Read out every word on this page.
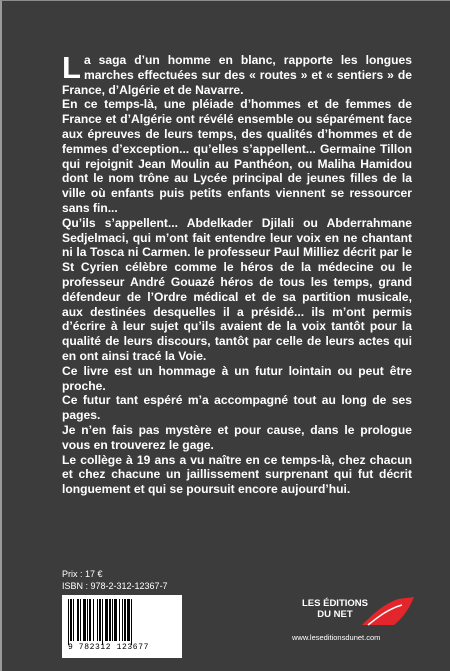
La saga d’un homme en blanc, rapporte les longues marches effectuées sur des « routes » et « sentiers » de France, d’Algérie et de Navarre.

En ce temps-là, une pléiade d’hommes et de femmes de France et d’Algérie ont révélé ensemble ou séparément face aux épreuves de leurs temps, des qualités d’hommes et de femmes d’exception... qu’elles s’appellent... Germaine Tillon qui rejoignit Jean Moulin au Panthéon, ou Maliha Hamidou dont le nom trône au Lycée principal de jeunes filles de la ville où enfants puis petits enfants viennent se ressourcer sans fin...

Qu’ils s’appellent... Abdelkader Djilali ou Abderrahmane Sedjelmaci, qui m’ont fait entendre leur voix en ne chantant ni la Tosca ni Carmen. le professeur Paul Milliez décrit par le St Cyrien célèbre comme le héros de la médecine ou le professeur André Gouazé héros de tous les temps, grand défendeur de l’Ordre médical et de sa partition musicale, aux destinées desquelles il a présidé... ils m’ont permis d’écrire à leur sujet qu’ils avaient de la voix tantôt pour la qualité de leurs discours, tantôt par celle de leurs actes qui en ont ainsi tracé la Voie.

Ce livre est un hommage à un futur lointain ou peut être proche.

Ce futur tant espéré m’a accompagné tout au long de ses pages.

Je n’en fais pas mystère et pour cause, dans le prologue vous en trouverez le gage.

Le collège à 19 ans a vu naître en ce temps-là, chez chacun et chez chacune un jaillissement surprenant qui fut décrit longuement et qui se poursuit encore aujourd’hui.

Prix : 17 €
ISBN : 978-2-312-12367-7
9 782312 123677
LES ÉDITIONS
DU NET
www.leseditionsdunet.com
